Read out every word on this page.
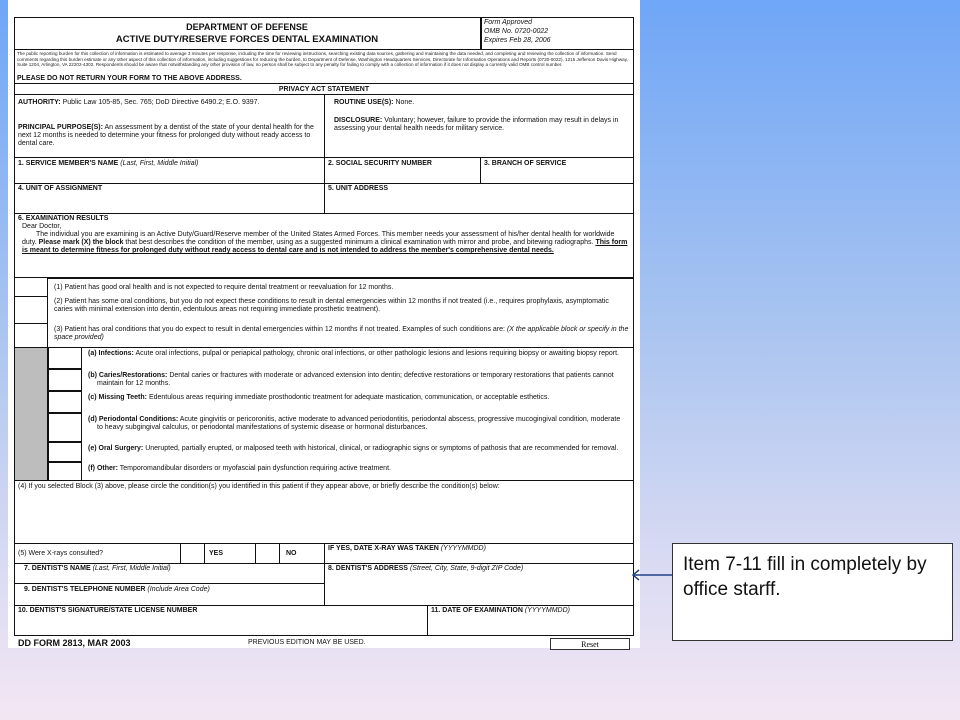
DEPARTMENT OF DEFENSE
ACTIVE DUTY/RESERVE FORCES DENTAL EXAMINATION
Form Approved
OMB No. 0720-0022
Expires Feb 28, 2006
The public reporting burden for this collection of information is estimated to average 3 minutes per response, including the time for reviewing instructions, searching existing data sources, gathering and maintaining the data needed, and completing and reviewing the collection of information. Send comments regarding this burden estimate or any other aspect of this collection of information, including suggestions for reducing the burden, to Department of Defense, Washington Headquarters Services, Directorate for Information Operations and Reports (0720-0022), 1215 Jefferson Davis Highway, Suite 1204, Arlington, VA 22202-4302. Respondents should be aware that notwithstanding any other provision of law, no person shall be subject to any penalty for failing to comply with a collection of information if it does not display a currently valid OMB control number.
PLEASE DO NOT RETURN YOUR FORM TO THE ABOVE ADDRESS.
PRIVACY ACT STATEMENT
AUTHORITY: Public Law 105-85, Sec. 765; DoD Directive 6490.2; E.O. 9397.
PRINCIPAL PURPOSE(S): An assessment by a dentist of the state of your dental health for the next 12 months is needed to determine your fitness for prolonged duty without ready access to dental care.
ROUTINE USE(S): None.
DISCLOSURE: Voluntary; however, failure to provide the information may result in delays in assessing your dental health needs for military service.
1. SERVICE MEMBER'S NAME (Last, First, Middle Initial)	2. SOCIAL SECURITY NUMBER	3. BRANCH OF SERVICE
4. UNIT OF ASSIGNMENT	5. UNIT ADDRESS
6. EXAMINATION RESULTS
Dear Doctor,
The individual you are examining is an Active Duty/Guard/Reserve member of the United States Armed Forces. This member needs your assessment of his/her dental health for worldwide duty. Please mark (X) the block that best describes the condition of the member, using as a suggested minimum a clinical examination with mirror and probe, and bitewing radiographs. This form is meant to determine fitness for prolonged duty without ready access to dental care and is not intended to address the member's comprehensive dental needs.
(1) Patient has good oral health and is not expected to require dental treatment or reevaluation for 12 months.
(2) Patient has some oral conditions, but you do not expect these conditions to result in dental emergencies within 12 months if not treated (i.e., requires prophylaxis, asymptomatic caries with minimal extension into dentin, edentulous areas not requiring immediate prosthetic treatment).
(3) Patient has oral conditions that you do expect to result in dental emergencies within 12 months if not treated. Examples of such conditions are: (X the applicable block or specify in the space provided)
(a) Infections: Acute oral infections, pulpal or periapical pathology, chronic oral infections, or other pathologic lesions and lesions requiring biopsy or awaiting biopsy report.
(b) Caries/Restorations: Dental caries or fractures with moderate or advanced extension into dentin; defective restorations or temporary restorations that patients cannot maintain for 12 months.
(c) Missing Teeth: Edentulous areas requiring immediate prosthodontic treatment for adequate mastication, communication, or acceptable esthetics.
(d) Periodontal Conditions: Acute gingivitis or pericoronitis, active moderate to advanced periodontitis, periodontal abscess, progressive mucogingival condition, moderate to heavy subgingival calculus, or periodontal manifestations of systemic disease or hormonal disturbances.
(e) Oral Surgery: Unerupted, partially erupted, or malposed teeth with historical, clinical, or radiographic signs or symptoms of pathosis that are recommended for removal.
(f) Other: Temporomandibular disorders or myofascial pain dysfunction requiring active treatment.
(4) If you selected Block (3) above, please circle the condition(s) you identified in this patient if they appear above, or briefly describe the condition(s) below:
(5) Were X-rays consulted?	YES	NO
IF YES, DATE X-RAY WAS TAKEN (YYYYMMDD)
7. DENTIST'S NAME (Last, First, Middle Initial)
9. DENTIST'S TELEPHONE NUMBER (Include Area Code)
8. DENTIST'S ADDRESS (Street, City, State, 9-digit ZIP Code)
10. DENTIST'S SIGNATURE/STATE LICENSE NUMBER	11. DATE OF EXAMINATION (YYYYMMDD)
DD FORM 2813, MAR 2003	PREVIOUS EDITION MAY BE USED.	Reset
Item 7-11 fill in completely by office starff.
